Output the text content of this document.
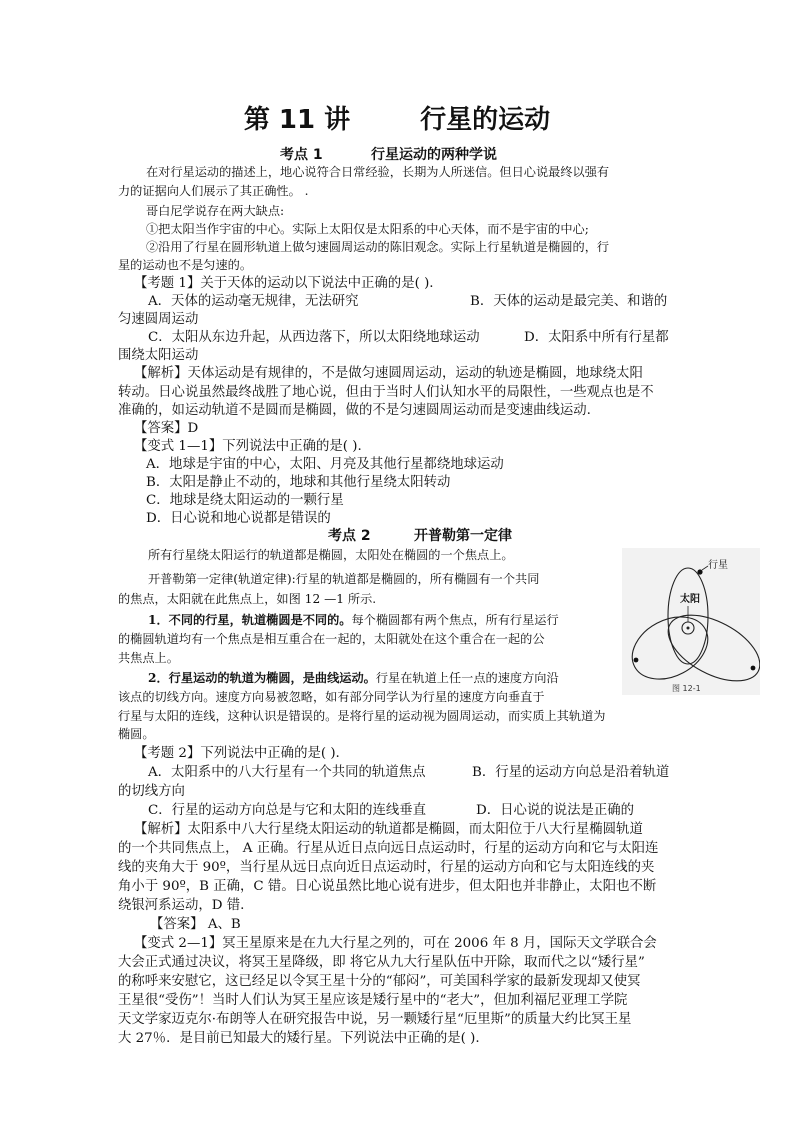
第 11 讲	行星的运动
考点 1	行星运动的两种学说
在对行星运动的描述上，地心说符合日常经验，长期为人所迷信。但日心说最终以强有
力的证据向人们展示了其正确性。 .
哥白尼学说存在两大缺点:
①把太阳当作宇宙的中心。实际上太阳仅是太阳系的中心天体，而不是宇宙的中心;
②沿用了行星在圆形轨道上做匀速圆周运动的陈旧观念。实际上行星轨道是椭圆的，行
星的运动也不是匀速的。
【考题 1】关于天体的运动以下说法中正确的是( ).
A．天体的运动毫无规律，无法研究	B．天体的运动是最完美、和谐的
匀速圆周运动
C．太阳从东边升起，从西边落下，所以太阳绕地球运动	D．太阳系中所有行星都
围绕太阳运动
【解析】天体运动是有规律的，不是做匀速圆周运动，运动的轨迹是椭圆，地球绕太阳
转动。日心说虽然最终战胜了地心说，但由于当时人们认知水平的局限性，一些观点也是不
准确的，如运动轨道不是圆而是椭圆，做的不是匀速圆周运动而是变速曲线运动.
【答案】D
【变式 1—1】下列说法中正确的是( ).
A．地球是宇宙的中心，太阳、月亮及其他行星都绕地球运动
B．太阳是静止不动的，地球和其他行星绕太阳转动
C．地球是绕太阳运动的一颗行星
D．日心说和地心说都是错误的
考点 2	开普勒第一定律
所有行星绕太阳运行的轨道都是椭圆，太阳处在椭圆的一个焦点上。
开普勒第一定律(轨道定律):行星的轨道都是椭圆的，所有椭圆有一个共同
的焦点，太阳就在此焦点上，如图 12 —1 所示.
1．不同的行星，轨道椭圆是不同的。每个椭圆都有两个焦点，所有行星运行
的椭圆轨道均有一个焦点是相互重合在一起的，太阳就处在这个重合在一起的公
共焦点上。
2．行星运动的轨道为椭圆，是曲线运动。行星在轨道上任一点的速度方向沿
该点的切线方向。速度方向易被忽略，如有部分同学认为行星的速度方向垂直于
行星与太阳的连线，这种认识是错误的。是将行星的运动视为圆周运动，而实质上其轨道为
椭圆。
行星
太阳
图 12-1
【考题 2】下列说法中正确的是( ).
A．太阳系中的八大行星有一个共同的轨道焦点	B．行星的运动方向总是沿着轨道
的切线方向
C．行星的运动方向总是与它和太阳的连线垂直	D．日心说的说法是正确的
【解析】太阳系中八大行星绕太阳运动的轨道都是椭圆，而太阳位于八大行星椭圆轨道
的一个共同焦点上， A 正确。行星从近日点向远日点运动时，行星的运动方向和它与太阳连
线的夹角大于 90º，当行星从远日点向近日点运动时，行星的运动方向和它与太阳连线的夹
角小于 90º，B 正确，C 错。日心说虽然比地心说有进步，但太阳也并非静止，太阳也不断
绕银河系运动，D 错.
【答案】 A、B
【变式 2—1】冥王星原来是在九大行星之列的，可在 2006 年 8 月，国际天文学联合会
大会正式通过决议，将冥王星降级，即 将它从九大行星队伍中开除，取而代之以“矮行星”
的称呼来安慰它，这已经足以令冥王星十分的“郁闷”，可美国科学家的最新发现却又使冥
王星很“受伤”！当时人们认为冥王星应该是矮行星中的“老大”，但加利福尼亚理工学院
天文学家迈克尔·布朗等人在研究报告中说，另一颗矮行星“厄里斯”的质量大约比冥王星
大 27％．是目前已知最大的矮行星。下列说法中正确的是( ).
